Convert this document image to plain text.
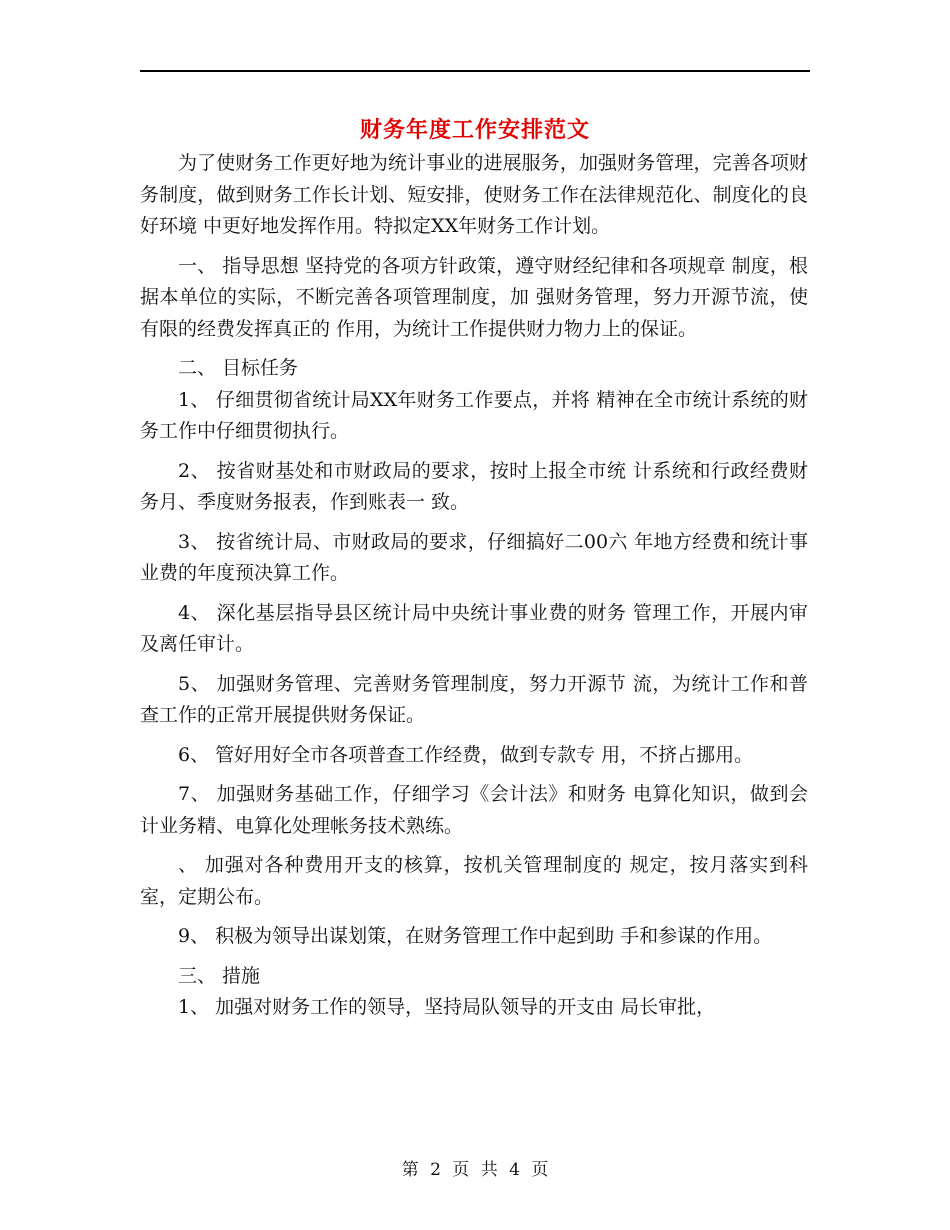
财务年度工作安排范文

为了使财务工作更好地为统计事业的进展服务，加强财务管理，完善各项财务制度，做到财务工作长计划、短安排，使财务工作在法律规范化、制度化的良好环境 中更好地发挥作用。特拟定XX年财务工作计划。

一、 指导思想 坚持党的各项方针政策，遵守财经纪律和各项规章 制度，根据本单位的实际，不断完善各项管理制度，加 强财务管理，努力开源节流，使有限的经费发挥真正的 作用，为统计工作提供财力物力上的保证。

二、 目标任务

1、 仔细贯彻省统计局XX年财务工作要点，并将 精神在全市统计系统的财务工作中仔细贯彻执行。

2、 按省财基处和市财政局的要求，按时上报全市统 计系统和行政经费财务月、季度财务报表，作到账表一 致。

3、 按省统计局、市财政局的要求，仔细搞好二00六 年地方经费和统计事业费的年度预决算工作。

4、 深化基层指导县区统计局中央统计事业费的财务 管理工作，开展内审及离任审计。

5、 加强财务管理、完善财务管理制度，努力开源节 流，为统计工作和普查工作的正常开展提供财务保证。

6、 管好用好全市各项普查工作经费，做到专款专 用，不挤占挪用。

7、 加强财务基础工作，仔细学习《会计法》和财务 电算化知识，做到会计业务精、电算化处理帐务技术熟练。

、 加强对各种费用开支的核算，按机关管理制度的 规定，按月落实到科室，定期公布。

9、 积极为领导出谋划策，在财务管理工作中起到助 手和参谋的作用。

三、 措施

1、 加强对财务工作的领导，坚持局队领导的开支由 局长审批，

第 2 页 共 4 页
